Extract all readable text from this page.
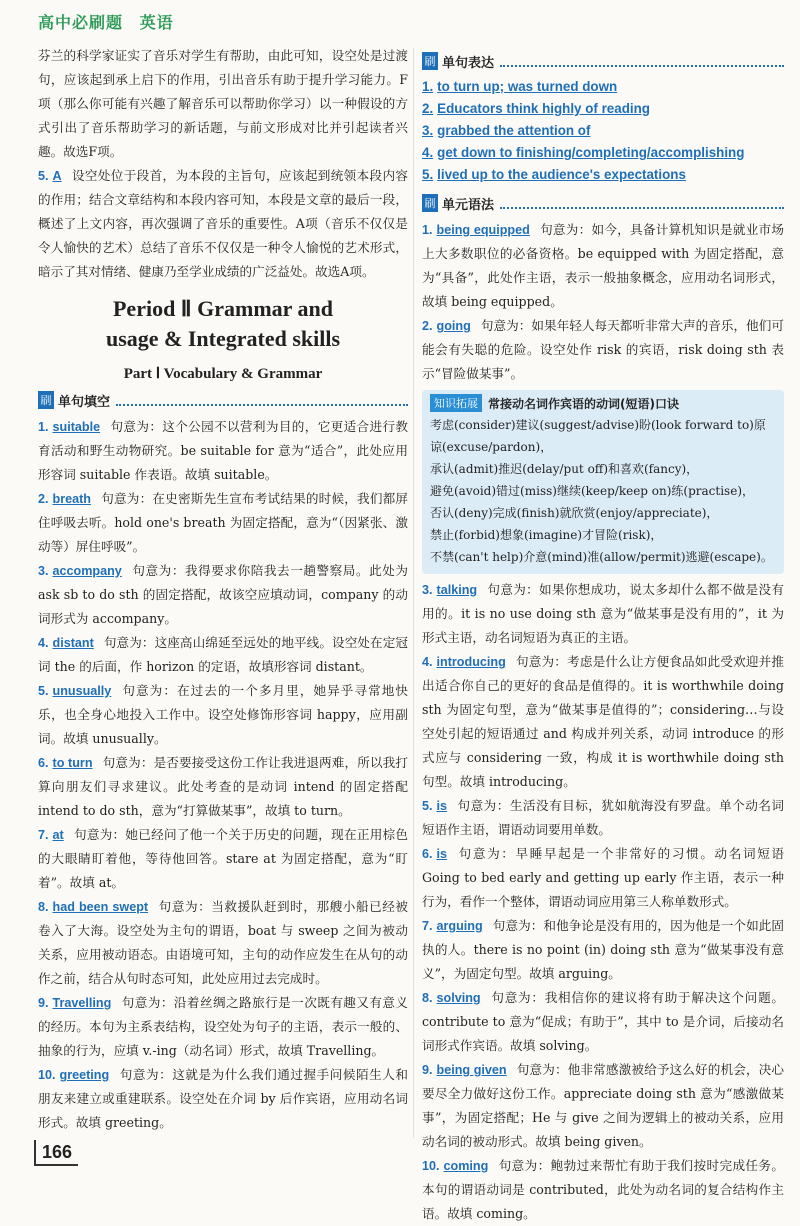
高中必刷题 英语

芬兰的科学家证实了音乐对学生有帮助，由此可知，设空处是过渡句，应该起到承上启下的作用，引出音乐有助于提升学习能力。F项（那么你可能有兴趣了解音乐可以帮助你学习）以一种假设的方式引出了音乐帮助学习的新话题，与前文形成对比并引起读者兴趣。故选F项。

5. A 设空处位于段首，为本段的主旨句，应该起到统领本段内容的作用；结合文章结构和本段内容可知，本段是文章的最后一段，概述了上文内容，再次强调了音乐的重要性。A项（音乐不仅仅是令人愉快的艺术）总结了音乐不仅仅是一种令人愉悦的艺术形式，暗示了其对情绪、健康乃至学业成绩的广泛益处。故选A项。

Period Ⅱ Grammar and
usage & Integrated skills
Part Ⅰ Vocabulary & Grammar
刷 单句填空

1. suitable 句意为：这个公园不以营利为目的，它更适合进行教育活动和野生动物研究。be suitable for 意为“适合”，此处应用形容词 suitable 作表语。故填 suitable。

2. breath 句意为：在史密斯先生宣布考试结果的时候，我们都屏住呼吸去听。hold one's breath 为固定搭配，意为“（因紧张、激动等）屏住呼吸”。

3. accompany 句意为：我得要求你陪我去一趟警察局。此处为 ask sb to do sth 的固定搭配，故该空应填动词，company 的动词形式为 accompany。

4. distant 句意为：这座高山绵延至远处的地平线。设空处在定冠词 the 的后面，作 horizon 的定语，故填形容词 distant。

5. unusually 句意为：在过去的一个多月里，她异乎寻常地快乐，也全身心地投入工作中。设空处修饰形容词 happy，应用副词。故填 unusually。

6. to turn 句意为：是否要接受这份工作让我进退两难，所以我打算向朋友们寻求建议。此处考查的是动词 intend 的固定搭配 intend to do sth，意为“打算做某事”，故填 to turn。

7. at 句意为：她已经问了他一个关于历史的问题，现在正用棕色的大眼睛盯着他，等待他回答。stare at 为固定搭配，意为“盯着”。故填 at。

8. had been swept 句意为：当救援队赶到时，那艘小船已经被卷入了大海。设空处为主句的谓语，boat 与 sweep 之间为被动关系，应用被动语态。由语境可知，主句的动作应发生在从句的动作之前，结合从句时态可知，此处应用过去完成时。

9. Travelling 句意为：沿着丝绸之路旅行是一次既有趣又有意义的经历。本句为主系表结构，设空处为句子的主语，表示一般的、抽象的行为，应填 v.-ing（动名词）形式，故填 Travelling。

10. greeting 句意为：这就是为什么我们通过握手问候陌生人和朋友来建立或重建联系。设空处在介词 by 后作宾语，应用动名词形式。故填 greeting。

刷 单句表达
1. to turn up; was turned down
2. Educators think highly of reading
3. grabbed the attention of
4. get down to finishing/completing/accomplishing
5. lived up to the audience's expectations
刷 单元语法

1. being equipped 句意为：如今，具备计算机知识是就业市场上大多数职位的必备资格。be equipped with 为固定搭配，意为“具备”，此处作主语，表示一般抽象概念，应用动名词形式，故填 being equipped。

2. going 句意为：如果年轻人每天都听非常大声的音乐，他们可能会有失聪的危险。设空处作 risk 的宾语，risk doing sth 表示“冒险做某事”。

知识拓展 常接动名词作宾语的动词(短语)口诀
考虑(consider)建议(suggest/advise)盼(look forward to)原谅(excuse/pardon)，
承认(admit)推迟(delay/put off)和喜欢(fancy)，
避免(avoid)错过(miss)继续(keep/keep on)练(practise)，
否认(deny)完成(finish)就欣赏(enjoy/appreciate)，
禁止(forbid)想象(imagine)才冒险(risk)，
不禁(can't help)介意(mind)准(allow/permit)逃避(escape)。

3. talking 句意为：如果你想成功，说太多却什么都不做是没有用的。it is no use doing sth 意为“做某事是没有用的”，it 为形式主语，动名词短语为真正的主语。

4. introducing 句意为：考虑是什么让方便食品如此受欢迎并推出适合你自己的更好的食品是值得的。it is worthwhile doing sth 为固定句型，意为“做某事是值得的”；considering…与设空处引起的短语通过 and 构成并列关系，动词 introduce 的形式应与 considering 一致，构成 it is worthwhile doing sth 句型。故填 introducing。

5. is 句意为：生活没有目标，犹如航海没有罗盘。单个动名词短语作主语，谓语动词要用单数。

6. is 句意为：早睡早起是一个非常好的习惯。动名词短语 Going to bed early and getting up early 作主语，表示一种行为，看作一个整体，谓语动词应用第三人称单数形式。

7. arguing 句意为：和他争论是没有用的，因为他是一个如此固执的人。there is no point (in) doing sth 意为“做某事没有意义”，为固定句型。故填 arguing。

8. solving 句意为：我相信你的建议将有助于解决这个问题。contribute to 意为“促成；有助于”，其中 to 是介词，后接动名词形式作宾语。故填 solving。

9. being given 句意为：他非常感激被给予这么好的机会，决心要尽全力做好这份工作。appreciate doing sth 意为“感激做某事”，为固定搭配；He 与 give 之间为逻辑上的被动关系，应用动名词的被动形式。故填 being given。

10. coming 句意为：鲍勃过来帮忙有助于我们按时完成任务。本句的谓语动词是 contributed，此处为动名词的复合结构作主语。故填 coming。

166
